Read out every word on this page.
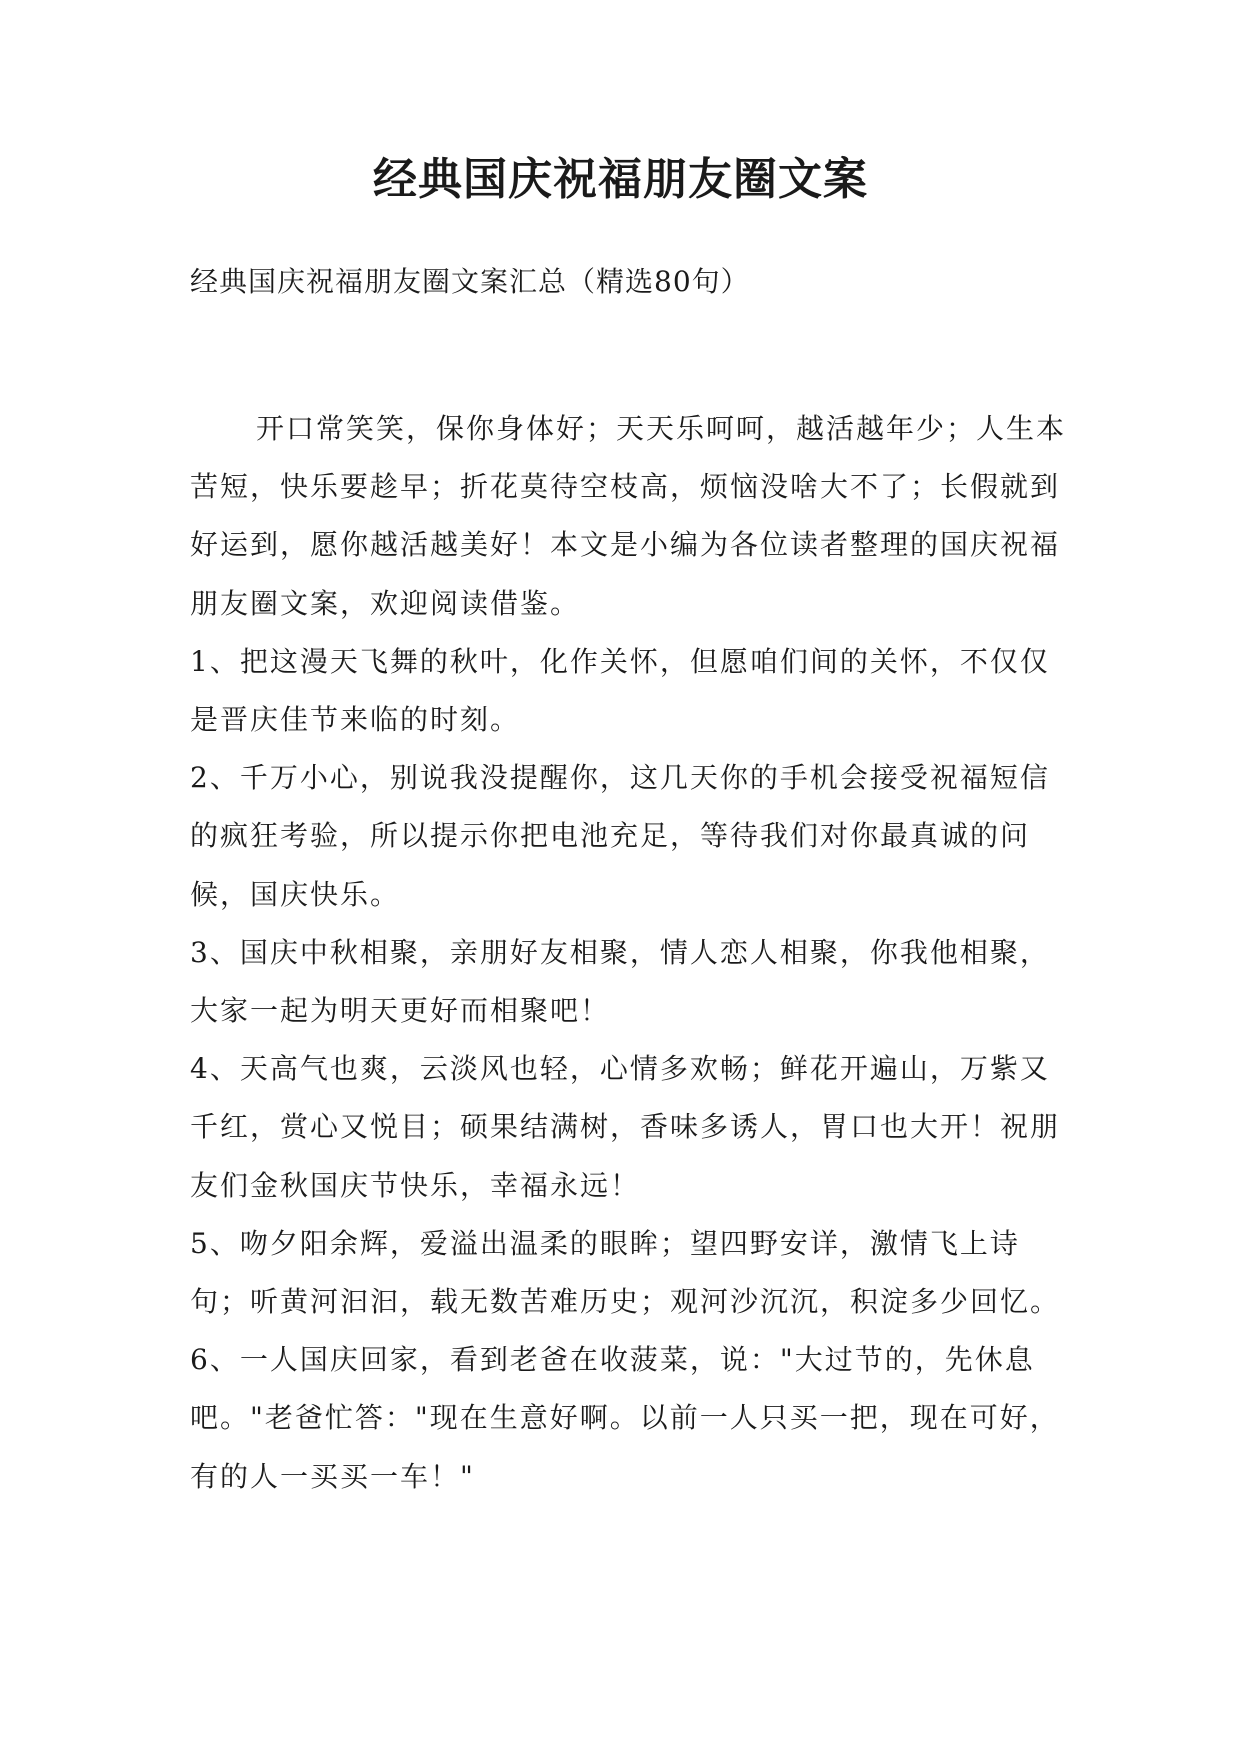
经典国庆祝福朋友圈文案
经典国庆祝福朋友圈文案汇总（精选80句）

开口常笑笑，保你身体好；天天乐呵呵，越活越年少；人生本苦短，快乐要趁早；折花莫待空枝高，烦恼没啥大不了；长假就到好运到，愿你越活越美好！本文是小编为各位读者整理的国庆祝福朋友圈文案，欢迎阅读借鉴。

1、把这漫天飞舞的秋叶，化作关怀，但愿咱们间的关怀，不仅仅是晋庆佳节来临的时刻。

2、千万小心，别说我没提醒你，这几天你的手机会接受祝福短信的疯狂考验，所以提示你把电池充足，等待我们对你最真诚的问候，国庆快乐。

3、国庆中秋相聚，亲朋好友相聚，情人恋人相聚，你我他相聚，大家一起为明天更好而相聚吧！

4、天高气也爽，云淡风也轻，心情多欢畅；鲜花开遍山，万紫又千红，赏心又悦目；硕果结满树，香味多诱人，胃口也大开！祝朋友们金秋国庆节快乐，幸福永远！

5、吻夕阳余辉，爱溢出温柔的眼眸；望四野安详，激情飞上诗句；听黄河汩汩，载无数苦难历史；观河沙沉沉，积淀多少回忆。

6、一人国庆回家，看到老爸在收菠菜，说："大过节的，先休息吧。"老爸忙答："现在生意好啊。以前一人只买一把，现在可好，有的人一买买一车！"
